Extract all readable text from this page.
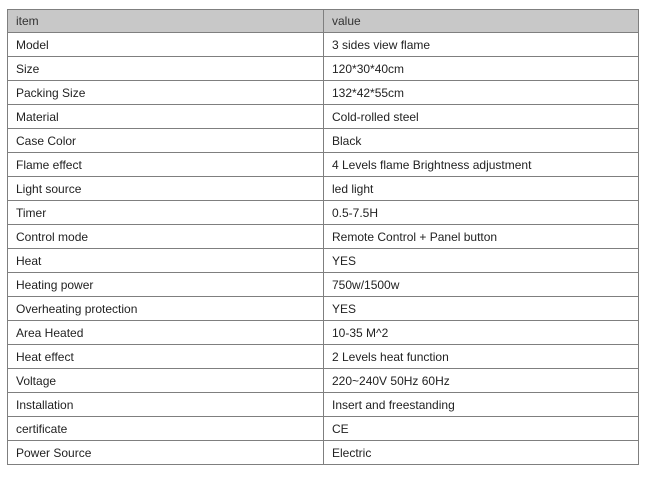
item	value
Model	3 sides view flame
Size	120*30*40cm
Packing Size	132*42*55cm
Material	Cold-rolled steel
Case Color	Black
Flame effect	4 Levels flame Brightness adjustment
Light source	led light
Timer	0.5-7.5H
Control mode	Remote Control + Panel button
Heat	YES
Heating power	750w/1500w
Overheating protection	YES
Area Heated	10-35 M^2
Heat effect	2 Levels heat function
Voltage	220~240V 50Hz 60Hz
Installation	Insert and freestanding
certificate	CE
Power Source	Electric
